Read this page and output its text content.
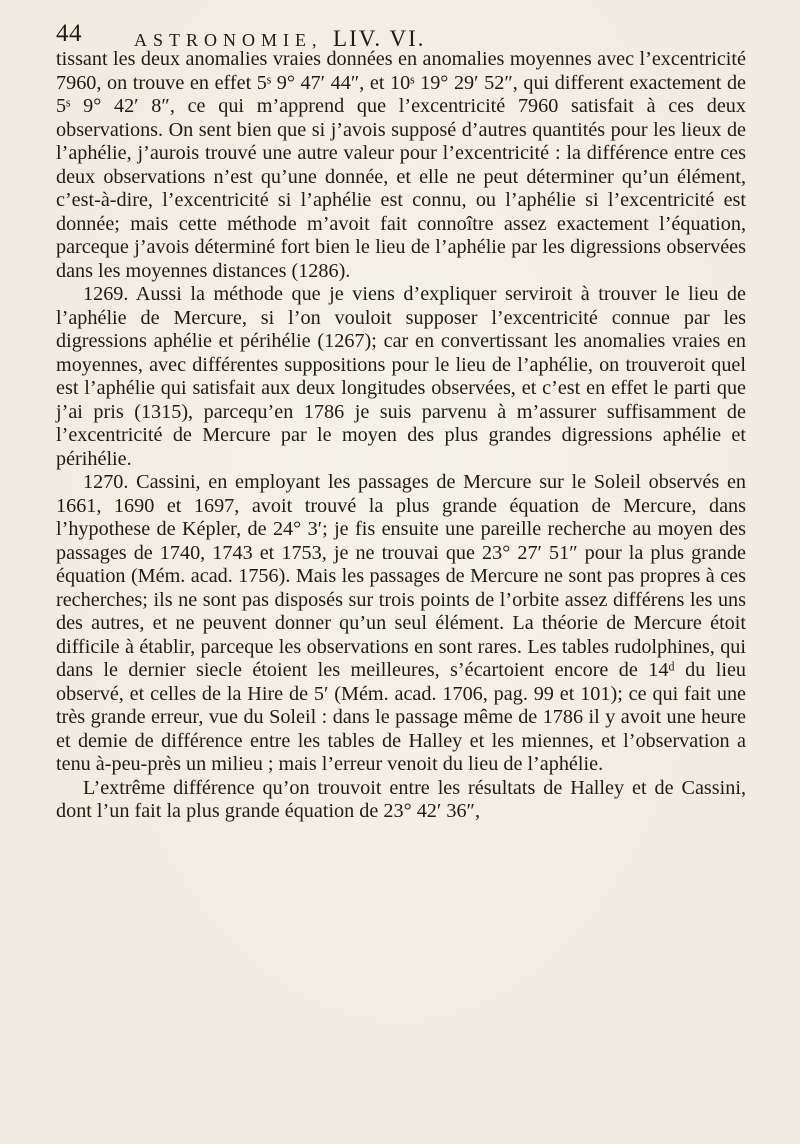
44	ASTRONOMIE, LIV. VI.

tissant les deux anomalies vraies données en anomalies moyennes avec l’excentricité 7960, on trouve en effet 5ˢ 9° 47′ 44″, et 10ˢ 19° 29′ 52″, qui different exactement de 5ˢ 9° 42′ 8″, ce qui m’apprend que l’excentricité 7960 satisfait à ces deux observations. On sent bien que si j’avois supposé d’autres quantités pour les lieux de l’aphélie, j’aurois trouvé une autre valeur pour l’excentricité : la différence entre ces deux observations n’est qu’une donnée, et elle ne peut déterminer qu’un élément, c’est-à-dire, l’excentricité si l’aphélie est connu, ou l’aphélie si l’excentricité est donnée; mais cette méthode m’avoit fait connoître assez exactement l’équation, parceque j’avois déterminé fort bien le lieu de l’aphélie par les digressions observées dans les moyennes distances (1286).

1269. Aussi la méthode que je viens d’expliquer serviroit à trouver le lieu de l’aphélie de Mercure, si l’on vouloit supposer l’excentricité connue par les digressions aphélie et périhélie (1267); car en convertissant les anomalies vraies en moyennes, avec différentes suppositions pour le lieu de l’aphélie, on trouveroit quel est l’aphélie qui satisfait aux deux longitudes observées, et c’est en effet le parti que j’ai pris (1315), parcequ’en 1786 je suis parvenu à m’assurer suffisamment de l’excentricité de Mercure par le moyen des plus grandes digressions aphélie et périhélie.

1270. Cassini, en employant les passages de Mercure sur le Soleil observés en 1661, 1690 et 1697, avoit trouvé la plus grande équation de Mercure, dans l’hypothese de Képler, de 24° 3′; je fis ensuite une pareille recherche au moyen des passages de 1740, 1743 et 1753, je ne trouvai que 23° 27′ 51″ pour la plus grande équation (Mém. acad. 1756). Mais les passages de Mercure ne sont pas propres à ces recherches; ils ne sont pas disposés sur trois points de l’orbite assez différens les uns des autres, et ne peuvent donner qu’un seul élément. La théorie de Mercure étoit difficile à établir, parceque les observations en sont rares. Les tables rudolphines, qui dans le dernier siecle étoient les meilleures, s’écartoient encore de 14ᵈ du lieu observé, et celles de la Hire de 5′ (Mém. acad. 1706, pag. 99 et 101); ce qui fait une très grande erreur, vue du Soleil : dans le passage même de 1786 il y avoit une heure et demie de différence entre les tables de Halley et les miennes, et l’observation a tenu à-peu-près un milieu ; mais l’erreur venoit du lieu de l’aphélie.

L’extrême différence qu’on trouvoit entre les résultats de Halley et de Cassini, dont l’un fait la plus grande équation de 23° 42′ 36″,
